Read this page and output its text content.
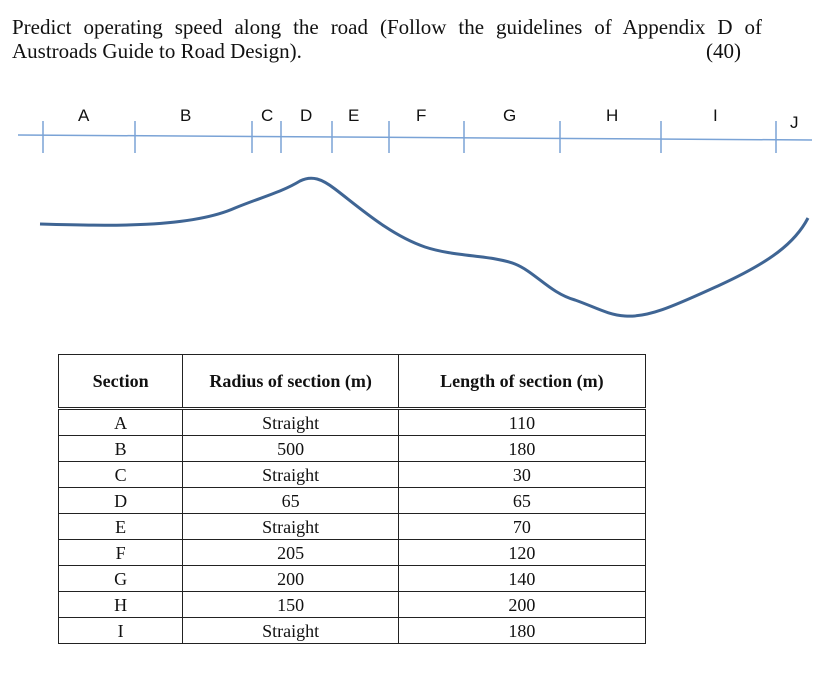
Predict operating speed along the road (Follow the guidelines of Appendix D of
Austroads Guide to Road Design).	(40)
A	B	C D E	F	G	H	I	J
Section	Radius of section (m)	Length of section (m)
A	Straight	110
B	500	180
C	Straight	30
D	65	65
E	Straight	70
F	205	120
G	200	140
H	150	200
I	Straight	180
